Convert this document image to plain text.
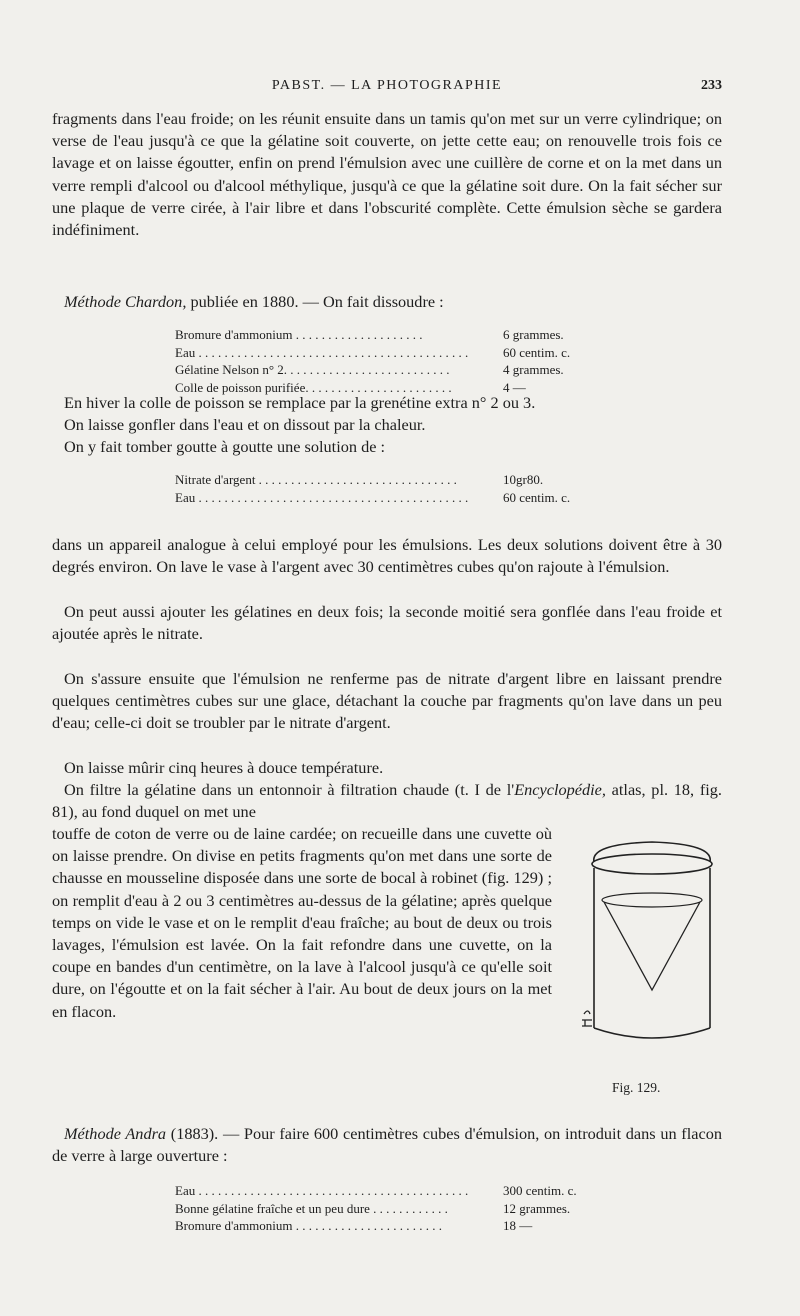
PABST. — LA PHOTOGRAPHIE	233

fragments dans l'eau froide; on les réunit ensuite dans un tamis qu'on met sur un verre cylindrique; on verse de l'eau jusqu'à ce que la gélatine soit couverte, on jette cette eau; on renouvelle trois fois ce lavage et on laisse égoutter, enfin on prend l'émulsion avec une cuillère de corne et on la met dans un verre rempli d'alcool ou d'alcool méthylique, jusqu'à ce que la gélatine soit dure. On la fait sécher sur une plaque de verre cirée, à l'air libre et dans l'obscurité complète. Cette émulsion sèche se gardera indéfiniment.

Méthode Chardon, publiée en 1880. — On fait dissoudre :

Bromure d'ammonium . . . . . . . . . . . . . . . . . . . .	6 grammes.
Eau . . . . . . . . . . . . . . . . . . . . . . . . . . . . . . . . . . . . . . . . . .	60 centim. c.
Gélatine Nelson n° 2. . . . . . . . . . . . . . . . . . . . . . . . . .	4 grammes.
Colle de poisson purifiée. . . . . . . . . . . . . . . . . . . . . . .	4 —

En hiver la colle de poisson se remplace par la grenétine extra n° 2 ou 3.

On laisse gonfler dans l'eau et on dissout par la chaleur.

On y fait tomber goutte à goutte une solution de :

Nitrate d'argent . . . . . . . . . . . . . . . . . . . . . . . . . . . . . . .	10gr80.
Eau . . . . . . . . . . . . . . . . . . . . . . . . . . . . . . . . . . . . . . . . . .	60 centim. c.

dans un appareil analogue à celui employé pour les émulsions. Les deux solutions doivent être à 30 degrés environ. On lave le vase à l'argent avec 30 centimètres cubes qu'on rajoute à l'émulsion.

On peut aussi ajouter les gélatines en deux fois; la seconde moitié sera gonflée dans l'eau froide et ajoutée après le nitrate.

On s'assure ensuite que l'émulsion ne renferme pas de nitrate d'argent libre en laissant prendre quelques centimètres cubes sur une glace, détachant la couche par fragments qu'on lave dans un peu d'eau; celle-ci doit se troubler par le nitrate d'argent.

On laisse mûrir cinq heures à douce température.

On filtre la gélatine dans un entonnoir à filtration chaude (t. I de l'Encyclopédie, atlas, pl. 18, fig. 81), au fond duquel on met une

touffe de coton de verre ou de laine cardée; on recueille dans une cuvette où on laisse prendre. On divise en petits fragments qu'on met dans une sorte de chausse en mousseline disposée dans une sorte de bocal à robinet (fig. 129) ; on remplit d'eau à 2 ou 3 centimètres au-dessus de la gélatine; après quelque temps on vide le vase et on le remplit d'eau fraîche; au bout de deux ou trois lavages, l'émulsion est lavée. On la fait refondre dans une cuvette, on la coupe en bandes d'un centimètre, on la lave à l'alcool jusqu'à ce qu'elle soit dure, on l'égoutte et on la fait sécher à l'air. Au bout de deux jours on la met en flacon.

Fig. 129.

Méthode Andra (1883). — Pour faire 600 centimètres cubes d'émulsion, on introduit dans un flacon de verre à large ouverture :

Eau . . . . . . . . . . . . . . . . . . . . . . . . . . . . . . . . . . . . . . . . . .	300 centim. c.
Bonne gélatine fraîche et un peu dure . . . . . . . . . . . .	12 grammes.
Bromure d'ammonium . . . . . . . . . . . . . . . . . . . . . . .	18 —
